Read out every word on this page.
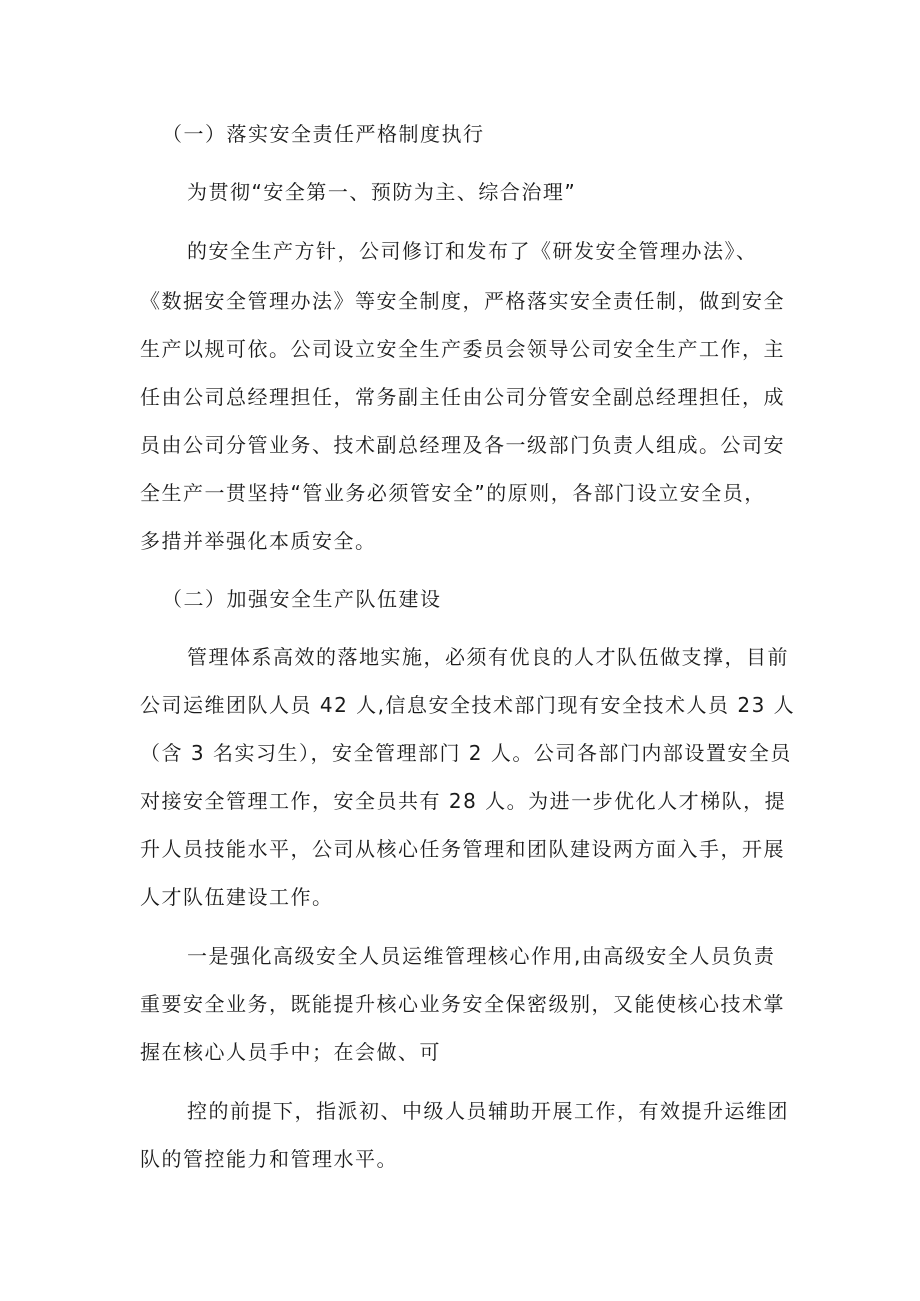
（一）落实安全责任严格制度执行
为贯彻“安全第一、预防为主、综合治理”
的安全生产方针，公司修订和发布了《研发安全管理办法》、
《数据安全管理办法》等安全制度，严格落实安全责任制，做到安全
生产以规可依。公司设立安全生产委员会领导公司安全生产工作，主
任由公司总经理担任，常务副主任由公司分管安全副总经理担任，成
员由公司分管业务、技术副总经理及各一级部门负责人组成。公司安
全生产一贯坚持“管业务必须管安全”的原则，各部门设立安全员，
多措并举强化本质安全。
（二）加强安全生产队伍建设
管理体系高效的落地实施，必须有优良的人才队伍做支撑，目前
公司运维团队人员 42 人,信息安全技术部门现有安全技术人员 23 人
（含 3 名实习生），安全管理部门 2 人。公司各部门内部设置安全员
对接安全管理工作，安全员共有 28 人。为进一步优化人才梯队，提
升人员技能水平，公司从核心任务管理和团队建设两方面入手，开展
人才队伍建设工作。
一是强化高级安全人员运维管理核心作用,由高级安全人员负责
重要安全业务，既能提升核心业务安全保密级别，又能使核心技术掌
握在核心人员手中；在会做、可
控的前提下，指派初、中级人员辅助开展工作，有效提升运维团
队的管控能力和管理水平。
